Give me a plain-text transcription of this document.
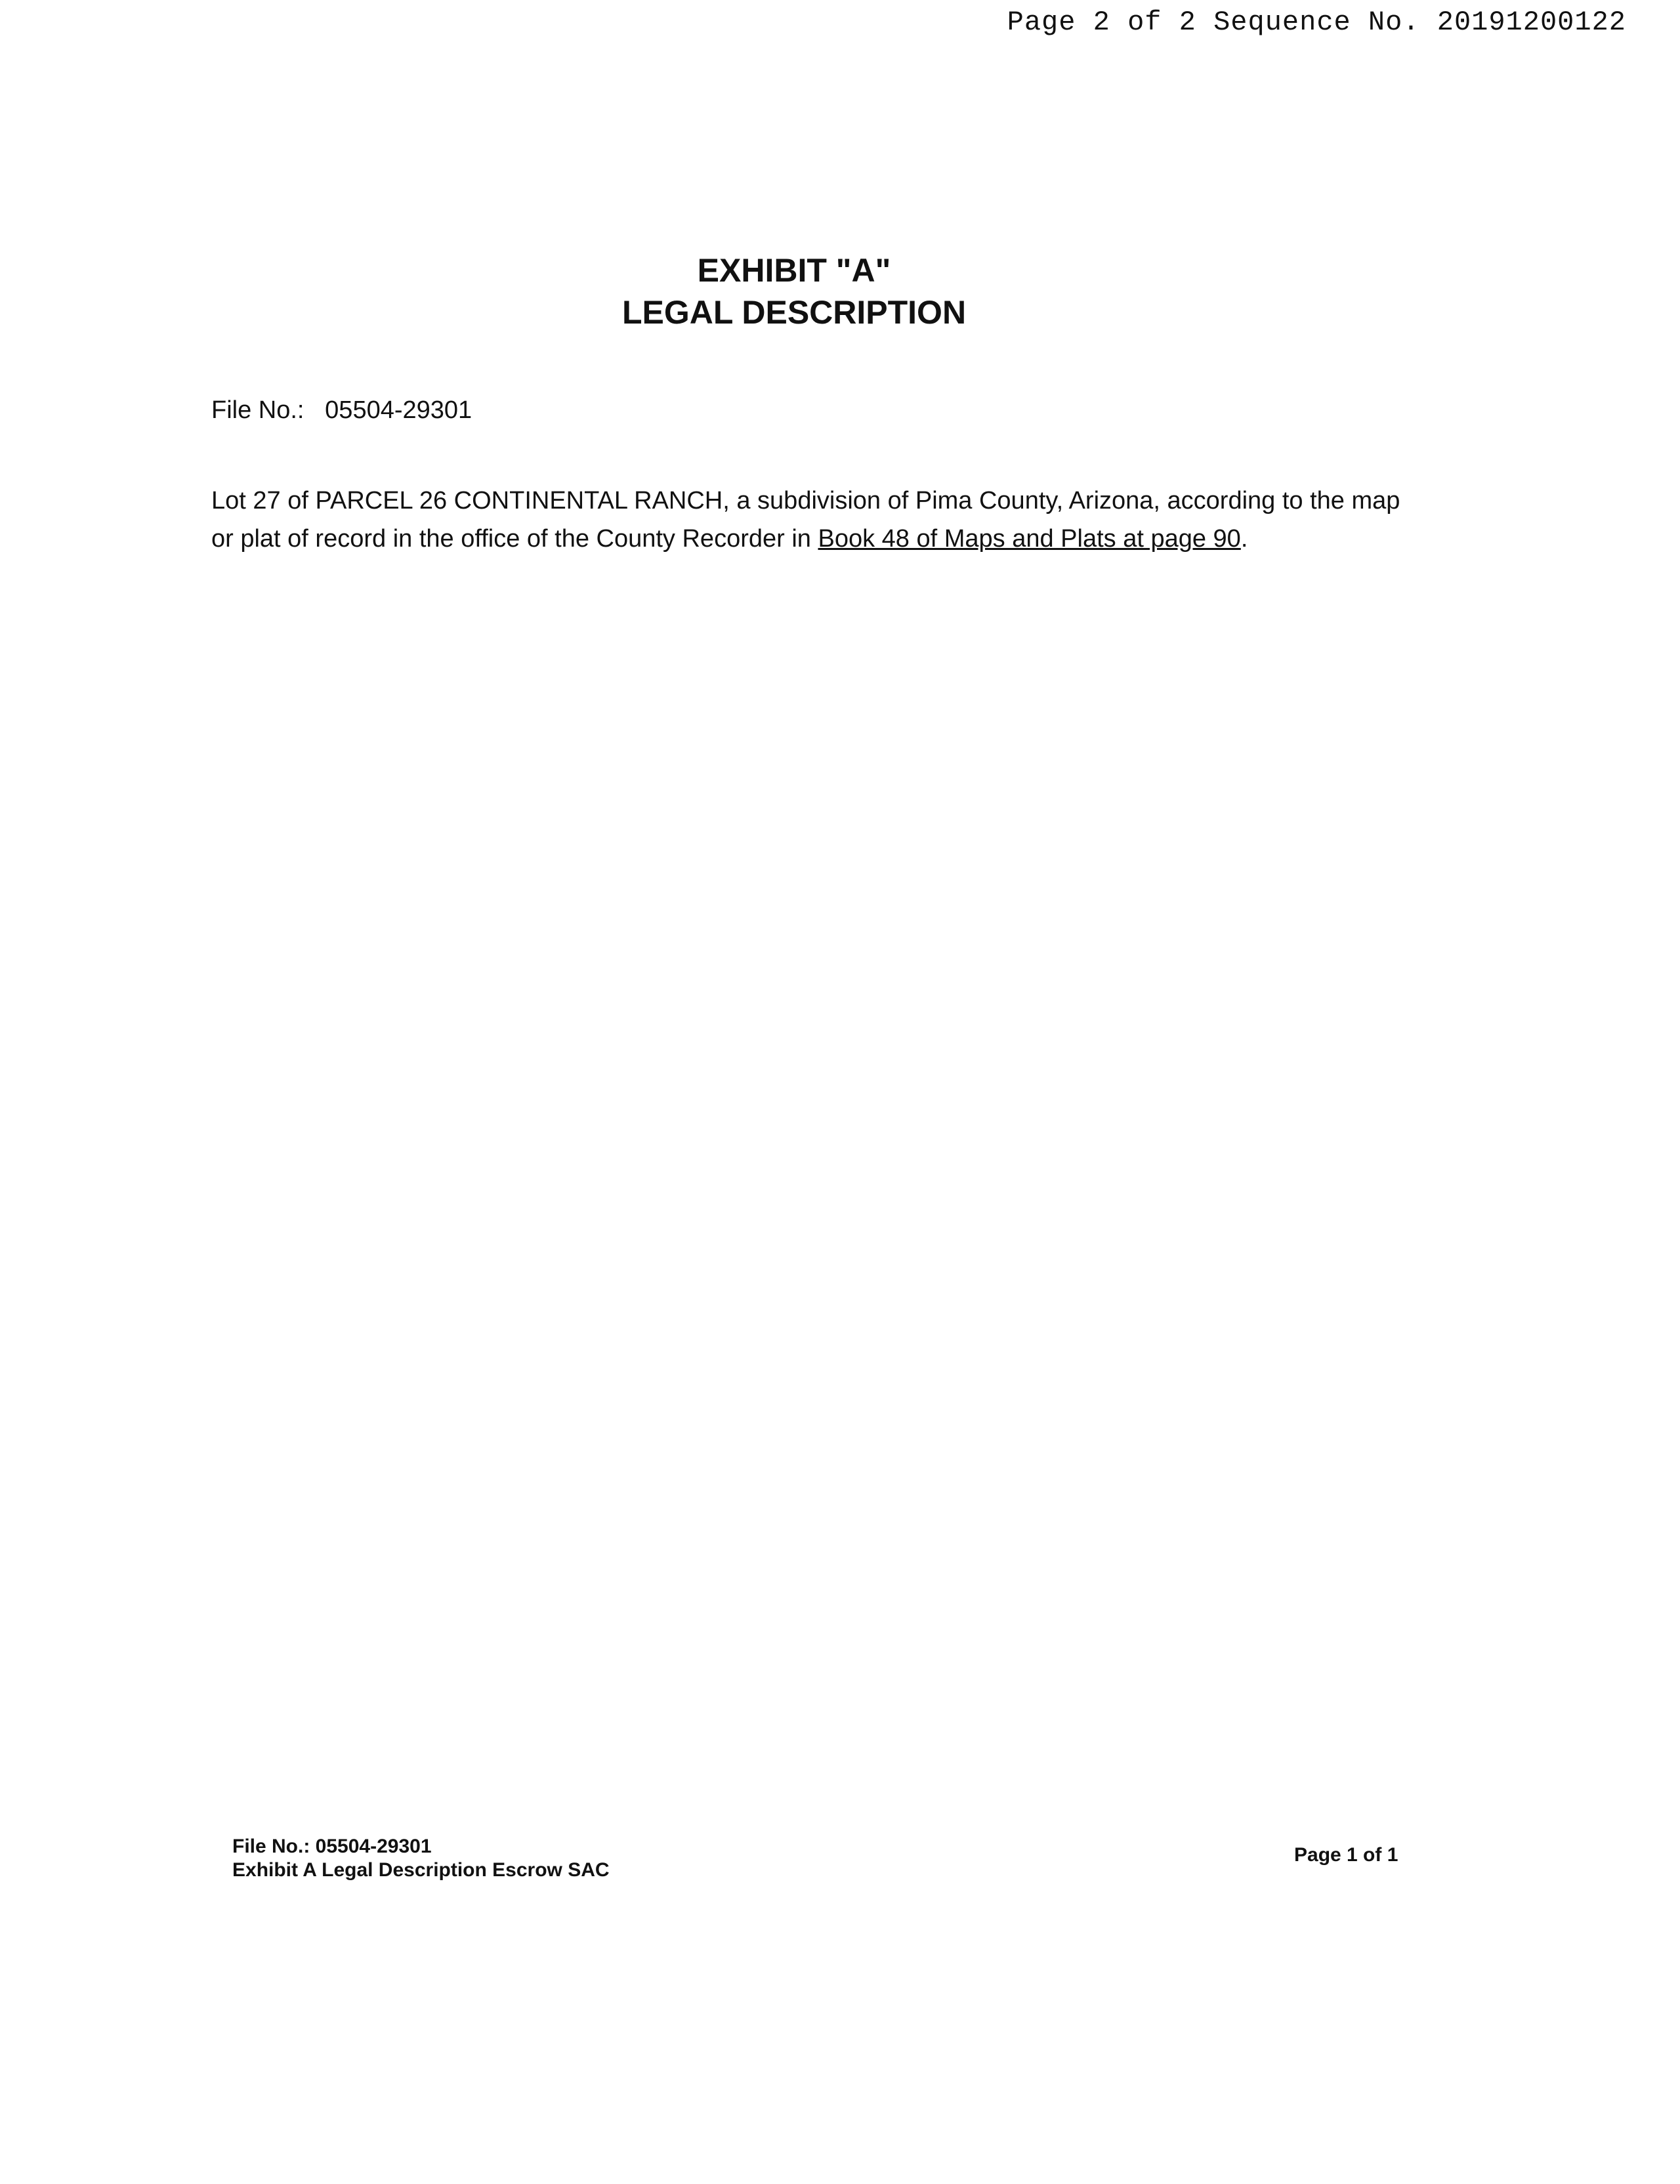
Page 2 of 2 Sequence No. 20191200122
EXHIBIT "A"
LEGAL DESCRIPTION
File No.: 05504-29301
Lot 27 of PARCEL 26 CONTINENTAL RANCH, a subdivision of Pima County, Arizona, according to the map or plat of record in the office of the County Recorder in Book 48 of Maps and Plats at page 90.
File No.: 05504-29301
Exhibit A Legal Description Escrow SAC
Page 1 of 1
